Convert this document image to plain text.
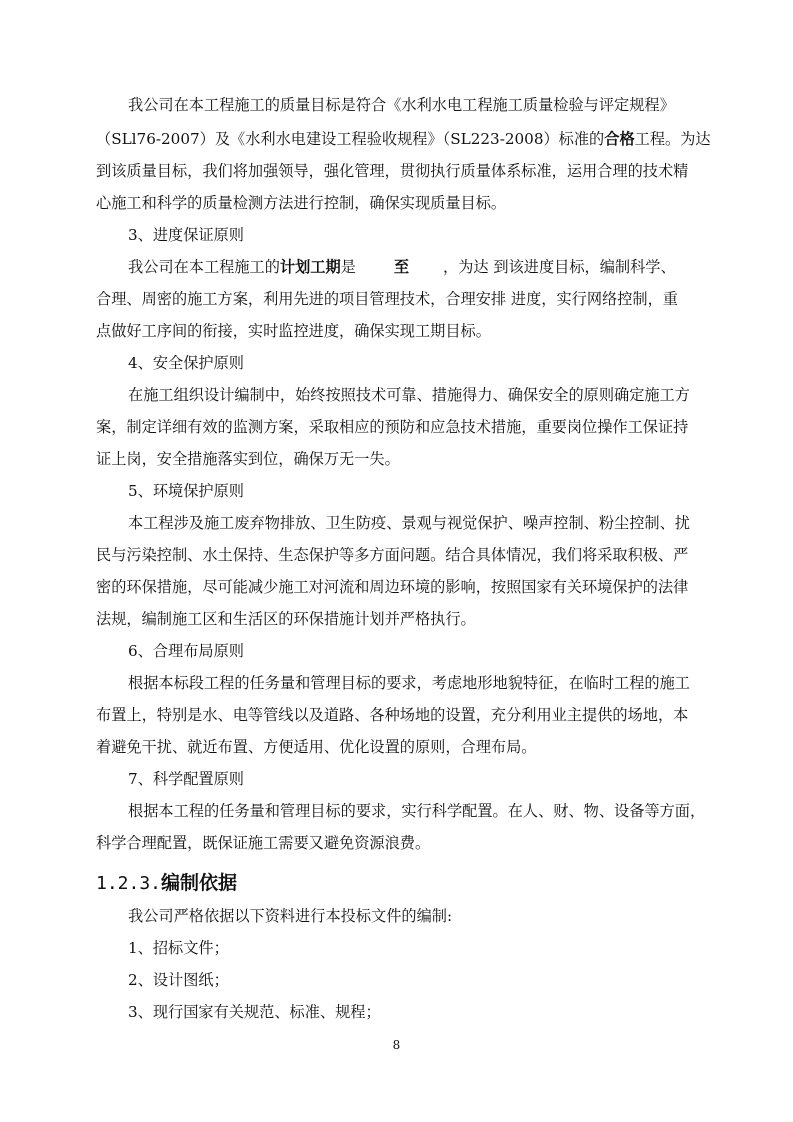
我公司在本工程施工的质量目标是符合《水利水电工程施工质量检验与评定规程》
（SLl76-2007）及《水利水电建设工程验收规程》（SL223-2008）标准的合格工程。为达
到该质量目标，我们将加强领导，强化管理，贯彻执行质量体系标准，运用合理的技术精
心施工和科学的质量检测方法进行控制，确保实现质量目标。
3、进度保证原则
我公司在本工程施工的计划工期是	至 ，为达 到该进度目标，编制科学、
合理、周密的施工方案，利用先进的项目管理技术，合理安排 进度，实行网络控制，重
点做好工序间的衔接，实时监控进度，确保实现工期目标。
4、安全保护原则
在施工组织设计编制中，始终按照技术可靠、措施得力、确保安全的原则确定施工方
案，制定详细有效的监测方案，采取相应的预防和应急技术措施，重要岗位操作工保证持
证上岗，安全措施落实到位，确保万无一失。
5、环境保护原则
本工程涉及施工废弃物排放、卫生防疫、景观与视觉保护、噪声控制、粉尘控制、扰
民与污染控制、水土保持、生态保护等多方面问题。结合具体情况，我们将采取积极、严
密的环保措施，尽可能减少施工对河流和周边环境的影响，按照国家有关环境保护的法律
法规，编制施工区和生活区的环保措施计划并严格执行。
6、合理布局原则
根据本标段工程的任务量和管理目标的要求，考虑地形地貌特征，在临时工程的施工
布置上，特别是水、电等管线以及道路、各种场地的设置，充分利用业主提供的场地，本
着避免干扰、就近布置、方便适用、优化设置的原则，合理布局。
7、科学配置原则
根据本工程的任务量和管理目标的要求，实行科学配置。在人、财、物、设备等方面，
科学合理配置，既保证施工需要又避免资源浪费。
1.2.3.编制依据
我公司严格依据以下资料进行本投标文件的编制:
1、招标文件；
2、设计图纸；
3、现行国家有关规范、标准、规程；
8
